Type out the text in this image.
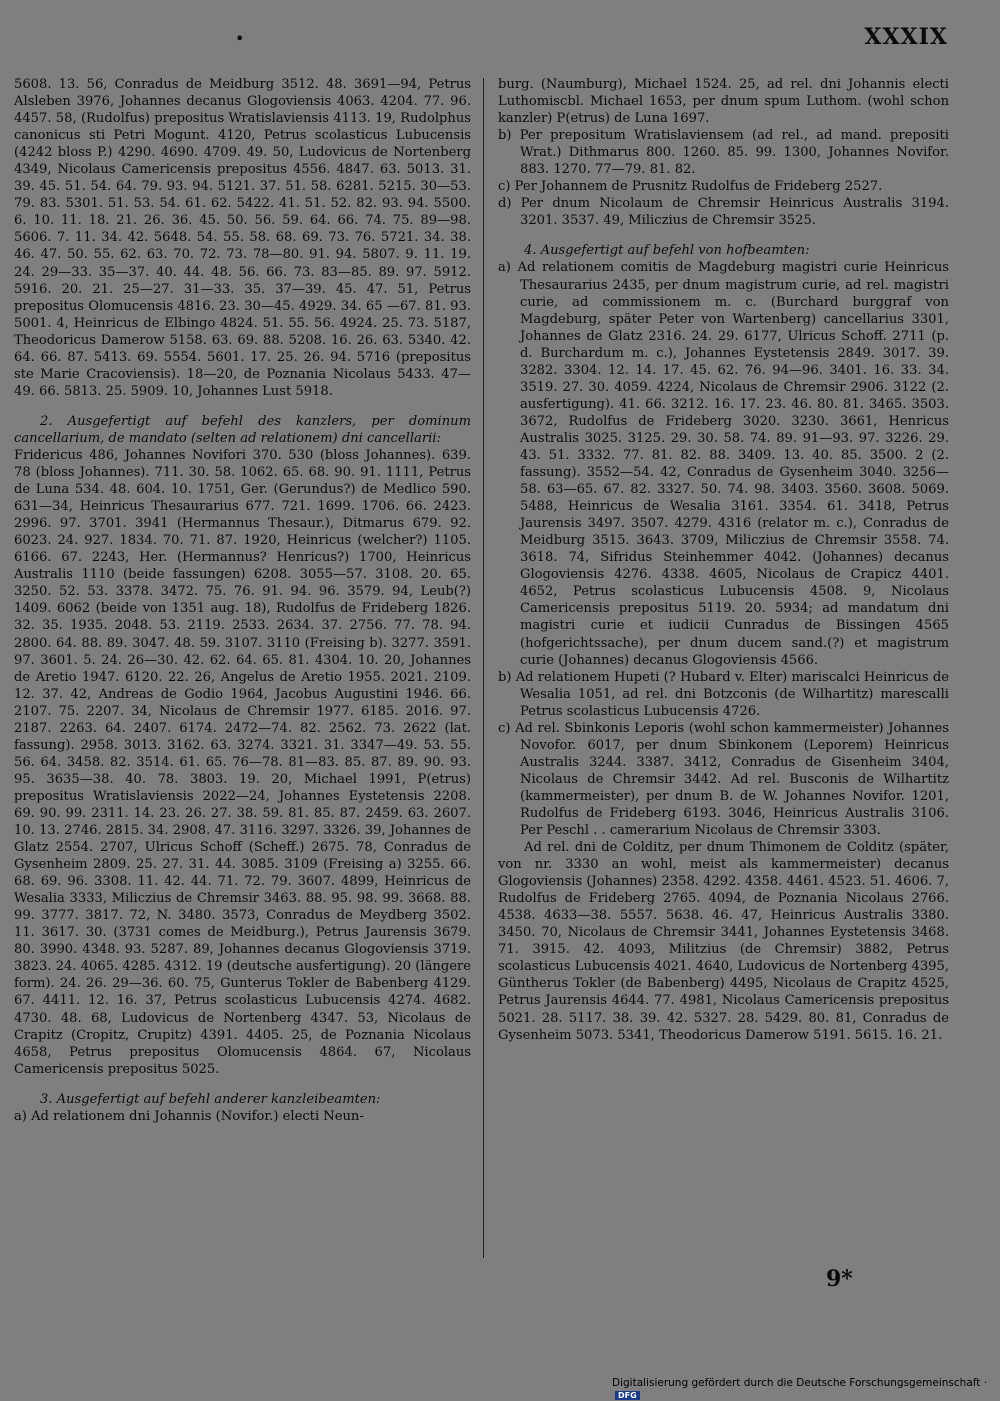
•	XXXIX

5608. 13. 56, Conradus de Meidburg 3512. 48. 3691—94, Petrus Alsleben 3976, Johannes decanus Glogoviensis 4063. 4204. 77. 96. 4457. 58, (Rudolfus) prepositus Wratislaviensis 4113. 19, Rudolphus canonicus sti Petri Mogunt. 4120, Petrus scolasticus Lubucensis (4242 bloss P.) 4290. 4690. 4709. 49. 50, Ludovicus de Nortenberg 4349, Nicolaus Camericensis prepositus 4556. 4847. 63. 5013. 31. 39. 45. 51. 54. 64. 79. 93. 94. 5121. 37. 51. 58. 6281. 5215. 30—53. 79. 83. 5301. 51. 53. 54. 61. 62. 5422. 41. 51. 52. 82. 93. 94. 5500. 6. 10. 11. 18. 21. 26. 36. 45. 50. 56. 59. 64. 66. 74. 75. 89—98. 5606. 7. 11. 34. 42. 5648. 54. 55. 58. 68. 69. 73. 76. 5721. 34. 38. 46. 47. 50. 55. 62. 63. 70. 72. 73. 78—80. 91. 94. 5807. 9. 11. 19. 24. 29—33. 35—37. 40. 44. 48. 56. 66. 73. 83—85. 89. 97. 5912. 5916. 20. 21. 25—27. 31—33. 35. 37—39. 45. 47. 51, Petrus prepositus Olomucensis 4816. 23. 30—45. 4929. 34. 65 —67. 81. 93. 5001. 4, Heinricus de Elbingo 4824. 51. 55. 56. 4924. 25. 73. 5187, Theodoricus Damerow 5158. 63. 69. 88. 5208. 16. 26. 63. 5340. 42. 64. 66. 87. 5413. 69. 5554. 5601. 17. 25. 26. 94. 5716 (prepositus ste Marie Cracoviensis). 18—20, de Poznania Nicolaus 5433. 47—49. 66. 5813. 25. 5909. 10, Johannes Lust 5918.

2. Ausgefertigt auf befehl des kanzlers, per dominum cancellarium, de mandato (selten ad relationem) dni cancellarii:

Fridericus 486, Johannes Novifori 370. 530 (bloss Johannes). 639. 78 (bloss Johannes). 711. 30. 58. 1062. 65. 68. 90. 91. 1111, Petrus de Luna 534. 48. 604. 10. 1751, Ger. (Gerundus?) de Medlico 590. 631—34, Heinricus Thesaurarius 677. 721. 1699. 1706. 66. 2423. 2996. 97. 3701. 3941 (Hermannus Thesaur.), Ditmarus 679. 92. 6023. 24. 927. 1834. 70. 71. 87. 1920, Heinricus (welcher?) 1105. 6166. 67. 2243, Her. (Hermannus? Henricus?) 1700, Heinricus Australis 1110 (beide fassungen) 6208. 3055—57. 3108. 20. 65. 3250. 52. 53. 3378. 3472. 75. 76. 91. 94. 96. 3579. 94, Leub(?) 1409. 6062 (beide von 1351 aug. 18), Rudolfus de Frideberg 1826. 32. 35. 1935. 2048. 53. 2119. 2533. 2634. 37. 2756. 77. 78. 94. 2800. 64. 88. 89. 3047. 48. 59. 3107. 3110 (Freising b). 3277. 3591. 97. 3601. 5. 24. 26—30. 42. 62. 64. 65. 81. 4304. 10. 20, Johannes de Aretio 1947. 6120. 22. 26, Angelus de Aretio 1955. 2021. 2109. 12. 37. 42, Andreas de Godio 1964, Jacobus Augustini 1946. 66. 2107. 75. 2207. 34, Nicolaus de Chremsir 1977. 6185. 2016. 97. 2187. 2263. 64. 2407. 6174. 2472—74. 82. 2562. 73. 2622 (lat. fassung). 2958. 3013. 3162. 63. 3274. 3321. 31. 3347—49. 53. 55. 56. 64. 3458. 82. 3514. 61. 65. 76—78. 81—83. 85. 87. 89. 90. 93. 95. 3635—38. 40. 78. 3803. 19. 20, Michael 1991, P(etrus) prepositus Wratislaviensis 2022—24, Johannes Eystetensis 2208. 69. 90. 99. 2311. 14. 23. 26. 27. 38. 59. 81. 85. 87. 2459. 63. 2607. 10. 13. 2746. 2815. 34. 2908. 47. 3116. 3297. 3326. 39, Johannes de Glatz 2554. 2707, Ulricus Schoff (Scheff.) 2675. 78, Conradus de Gysenheim 2809. 25. 27. 31. 44. 3085. 3109 (Freising a) 3255. 66. 68. 69. 96. 3308. 11. 42. 44. 71. 72. 79. 3607. 4899, Heinricus de Wesalia 3333, Miliczius de Chremsir 3463. 88. 95. 98. 99. 3668. 88. 99. 3777. 3817. 72, N. 3480. 3573, Conradus de Meydberg 3502. 11. 3617. 30. (3731 comes de Meidburg.), Petrus Jaurensis 3679. 80. 3990. 4348. 93. 5287. 89, Johannes decanus Glogoviensis 3719. 3823. 24. 4065. 4285. 4312. 19 (deutsche ausfertigung). 20 (längere form). 24. 26. 29—36. 60. 75, Gunterus Tokler de Babenberg 4129. 67. 4411. 12. 16. 37, Petrus scolasticus Lubucensis 4274. 4682. 4730. 48. 68, Ludovicus de Nortenberg 4347. 53, Nicolaus de Crapitz (Cropitz, Crupitz) 4391. 4405. 25, de Poznania Nicolaus 4658, Petrus prepositus Olomucensis 4864. 67, Nicolaus Camericensis prepositus 5025.

3. Ausgefertigt auf befehl anderer kanzleibeamten:

a) Ad relationem dni Johannis (Novifor.) electi Neun-

burg. (Naumburg), Michael 1524. 25, ad rel. dni Johannis electi Luthomiscbl. Michael 1653, per dnum spum Luthom. (wohl schon kanzler) P(etrus) de Luna 1697.

b) Per prepositum Wratislaviensem (ad rel., ad mand. prepositi Wrat.) Dithmarus 800. 1260. 85. 99. 1300, Johannes Novifor. 883. 1270. 77—79. 81. 82.

c) Per Johannem de Prusnitz Rudolfus de Frideberg 2527.

d) Per dnum Nicolaum de Chremsir Heinricus Australis 3194. 3201. 3537. 49, Miliczius de Chremsir 3525.

4. Ausgefertigt auf befehl von hofbeamten:

a) Ad relationem comitis de Magdeburg magistri curie Heinricus Thesaurarius 2435, per dnum magistrum curie, ad rel. magistri curie, ad commissionem m. c. (Burchard burggraf von Magdeburg, später Peter von Wartenberg) cancellarius 3301, Johannes de Glatz 2316. 24. 29. 6177, Ulricus Schoff. 2711 (p. d. Burchardum m. c.), Johannes Eystetensis 2849. 3017. 39. 3282. 3304. 12. 14. 17. 45. 62. 76. 94—96. 3401. 16. 33. 34. 3519. 27. 30. 4059. 4224, Nicolaus de Chremsir 2906. 3122 (2. ausfertigung). 41. 66. 3212. 16. 17. 23. 46. 80. 81. 3465. 3503. 3672, Rudolfus de Frideberg 3020. 3230. 3661, Henricus Australis 3025. 3125. 29. 30. 58. 74. 89. 91—93. 97. 3226. 29. 43. 51. 3332. 77. 81. 82. 88. 3409. 13. 40. 85. 3500. 2 (2. fassung). 3552—54. 42, Conradus de Gysenheim 3040. 3256—58. 63—65. 67. 82. 3327. 50. 74. 98. 3403. 3560. 3608. 5069. 5488, Heinricus de Wesalia 3161. 3354. 61. 3418, Petrus Jaurensis 3497. 3507. 4279. 4316 (relator m. c.), Conradus de Meidburg 3515. 3643. 3709, Miliczius de Chremsir 3558. 74. 3618. 74, Sifridus Steinhemmer 4042. (Johannes) decanus Glogoviensis 4276. 4338. 4605, Nicolaus de Crapicz 4401. 4652, Petrus scolasticus Lubucensis 4508. 9, Nicolaus Camericensis prepositus 5119. 20. 5934; ad mandatum dni magistri curie et iudicii Cunradus de Bissingen 4565 (hofgerichtssache), per dnum ducem sand.(?) et magistrum curie (Johannes) decanus Glogoviensis 4566.

b) Ad relationem Hupeti (? Hubard v. Elter) mariscalci Heinricus de Wesalia 1051, ad rel. dni Botzconis (de Wilhartitz) marescalli Petrus scolasticus Lubucensis 4726.

c) Ad rel. Sbinkonis Leporis (wohl schon kammermeister) Johannes Novofor. 6017, per dnum Sbinkonem (Leporem) Heinricus Australis 3244. 3387. 3412, Conradus de Gisenheim 3404, Nicolaus de Chremsir 3442. Ad rel. Busconis de Wilhartitz (kammermeister), per dnum B. de W. Johannes Novifor. 1201, Rudolfus de Frideberg 6193. 3046, Heinricus Australis 3106. Per Peschl . . camerarium Nicolaus de Chremsir 3303.

Ad rel. dni de Colditz, per dnum Thimonem de Colditz (später, von nr. 3330 an wohl, meist als kammermeister) decanus Glogoviensis (Johannes) 2358. 4292. 4358. 4461. 4523. 51. 4606. 7, Rudolfus de Frideberg 2765. 4094, de Poznania Nicolaus 2766. 4538. 4633—38. 5557. 5638. 46. 47, Heinricus Australis 3380. 3450. 70, Nicolaus de Chremsir 3441, Johannes Eystetensis 3468. 71. 3915. 42. 4093, Militzius (de Chremsir) 3882, Petrus scolasticus Lubucensis 4021. 4640, Ludovicus de Nortenberg 4395, Güntherus Tokler (de Babenberg) 4495, Nicolaus de Crapitz 4525, Petrus Jaurensis 4644. 77. 4981, Nicolaus Camericensis prepositus 5021. 28. 5117. 38. 39. 42. 5327. 28. 5429. 80. 81, Conradus de Gysenheim 5073. 5341, Theodoricus Damerow 5191. 5615. 16. 21.

9*
Digitalisierung gefördert durch die Deutsche Forschungsgemeinschaft · DFG
